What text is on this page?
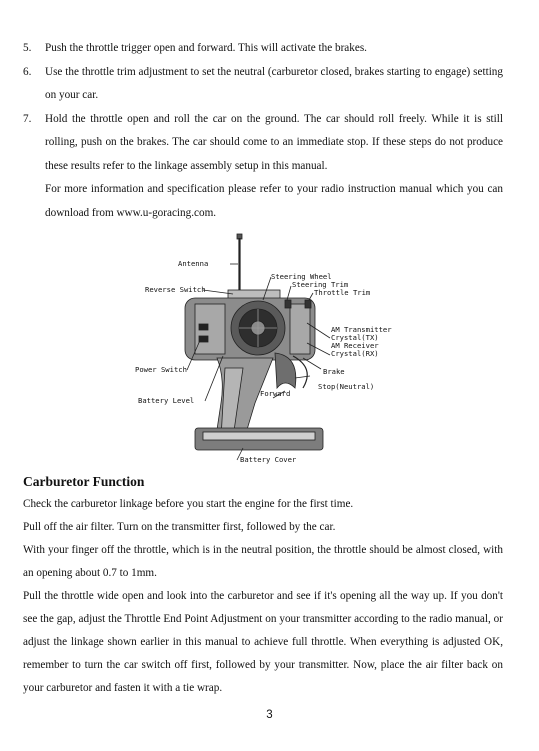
5.	Push the throttle trigger open and forward. This will activate the brakes.
6.	Use the throttle trim adjustment to set the neutral (carburetor closed, brakes starting to engage) setting on your car.
7.	Hold the throttle open and roll the car on the ground. The car should roll freely. While it is still rolling, push on the brakes. The car should come to an immediate stop. If these steps do not produce these results refer to the linkage assembly setup in this manual.
For more information and specification please refer to your radio instruction manual which you can download from www.u-goracing.com.
Antenna
Reverse Switch
Steering Wheel
Steering Trim
Throttle Trim
AM Transmitter
Crystal(TX)
AM Receiver
Crystal(RX)
Power Switch	Brake
Stop(Neutral)
Forward
Battery Level
Battery Cover
Carburetor Function

Check the carburetor linkage before you start the engine for the first time.

Pull off the air filter. Turn on the transmitter first, followed by the car.

With your finger off the throttle, which is in the neutral position, the throttle should be almost closed, with an opening about 0.7 to 1mm.

Pull the throttle wide open and look into the carburetor and see if it's opening all the way up. If you don't see the gap, adjust the Throttle End Point Adjustment on your transmitter according to the radio manual, or adjust the linkage shown earlier in this manual to achieve full throttle. When everything is adjusted OK, remember to turn the car switch off first, followed by your transmitter. Now, place the air filter back on your carburetor and fasten it with a tie wrap.

3
